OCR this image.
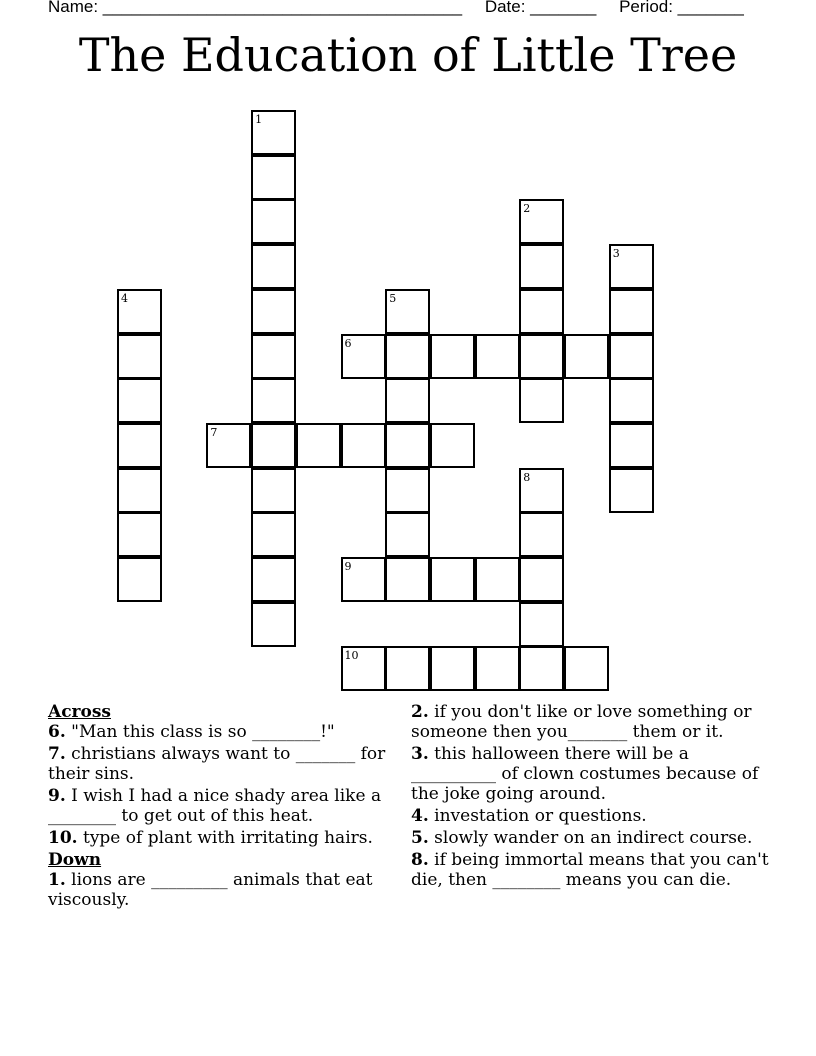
Name: ______________________________________ Date: _______ Period: _______
The Education of Little Tree
1
2
3
4	5
6
7
8
9
10

Across

6. "Man this class is so ________!"

7. christians always want to _______ for their sins.

9. I wish I had a nice shady area like a ________ to get out of this heat.

10. type of plant with irritating hairs.

Down

1. lions are _________ animals that eat viscously.

2. if you don't like or love something or someone then you_______ them or it.

3. this halloween there will be a __________ of clown costumes because of the joke going around.

4. investation or questions.

5. slowly wander on an indirect course.

8. if being immortal means that you can't die, then ________ means you can die.
